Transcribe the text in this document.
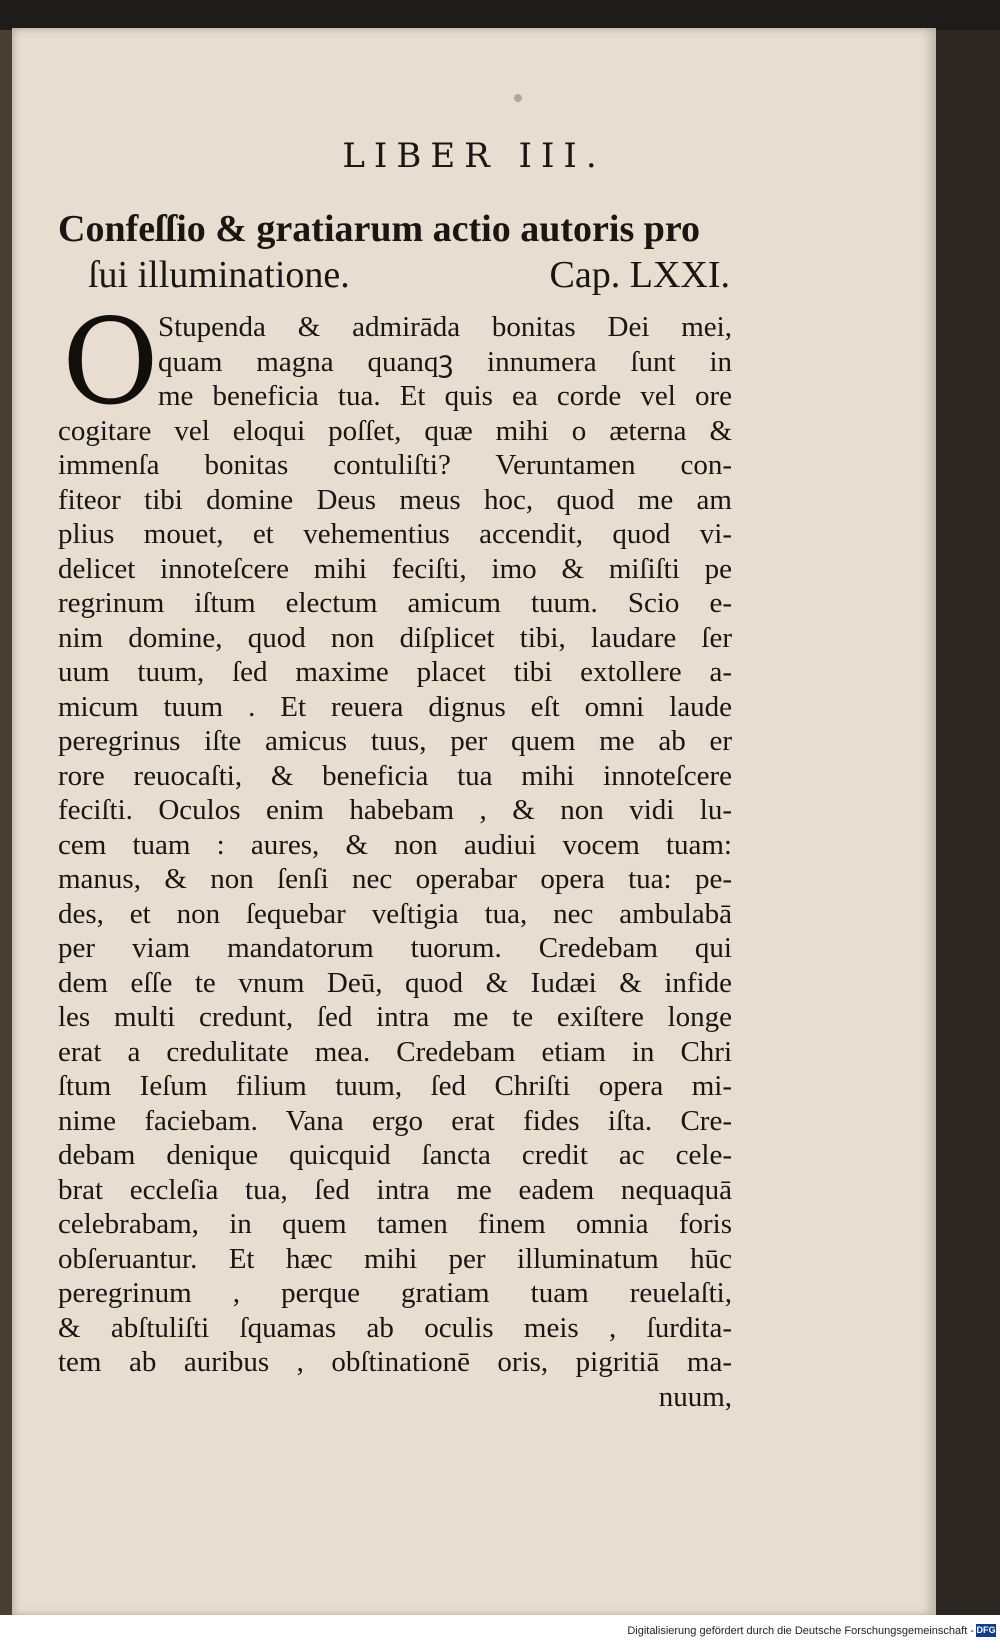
LIBER III.
Confeſſio & gratiarum actio autoris pro
ſui illuminatione.	Cap. LXXI.
O Stupenda & admirāda bonitas Dei mei,
quam magna quanqꝫ innumera ſunt in
me beneficia tua. Et quis ea corde vel ore
cogitare vel eloqui poſſet, quæ mihi o æterna &
immenſa bonitas contuliſti? Veruntamen con-
fiteor tibi domine Deus meus hoc, quod me am
plius mouet, et vehementius accendit, quod vi-
delicet innoteſcere mihi feciſti, imo & miſiſti pe
regrinum iſtum electum amicum tuum. Scio e-
nim domine, quod non diſplicet tibi, laudare ſer
uum tuum, ſed maxime placet tibi extollere a-
micum tuum . Et reuera dignus eſt omni laude
peregrinus iſte amicus tuus, per quem me ab er
rore reuocaſti, & beneficia tua mihi innoteſcere
feciſti. Oculos enim habebam , & non vidi lu-
cem tuam : aures, & non audiui vocem tuam:
manus, & non ſenſi nec operabar opera tua: pe-
des, et non ſequebar veſtigia tua, nec ambulabā
per viam mandatorum tuorum. Credebam qui
dem eſſe te vnum Deū, quod & Iudæi & infide
les multi credunt, ſed intra me te exiſtere longe
erat a credulitate mea. Credebam etiam in Chri
ſtum Ieſum filium tuum, ſed Chriſti opera mi-
nime faciebam. Vana ergo erat fides iſta. Cre-
debam denique quicquid ſancta credit ac cele-
brat eccleſia tua, ſed intra me eadem nequaquā
celebrabam, in quem tamen finem omnia foris
obſeruantur. Et hæc mihi per illuminatum hūc
peregrinum , perque gratiam tuam reuelaſti,
& abſtuliſti ſquamas ab oculis meis , ſurdita-
tem ab auribus , obſtinationē oris, pigritiā ma-
nuum,
Digitalisierung gefördert durch die Deutsche Forschungsgemeinschaft - DFG
